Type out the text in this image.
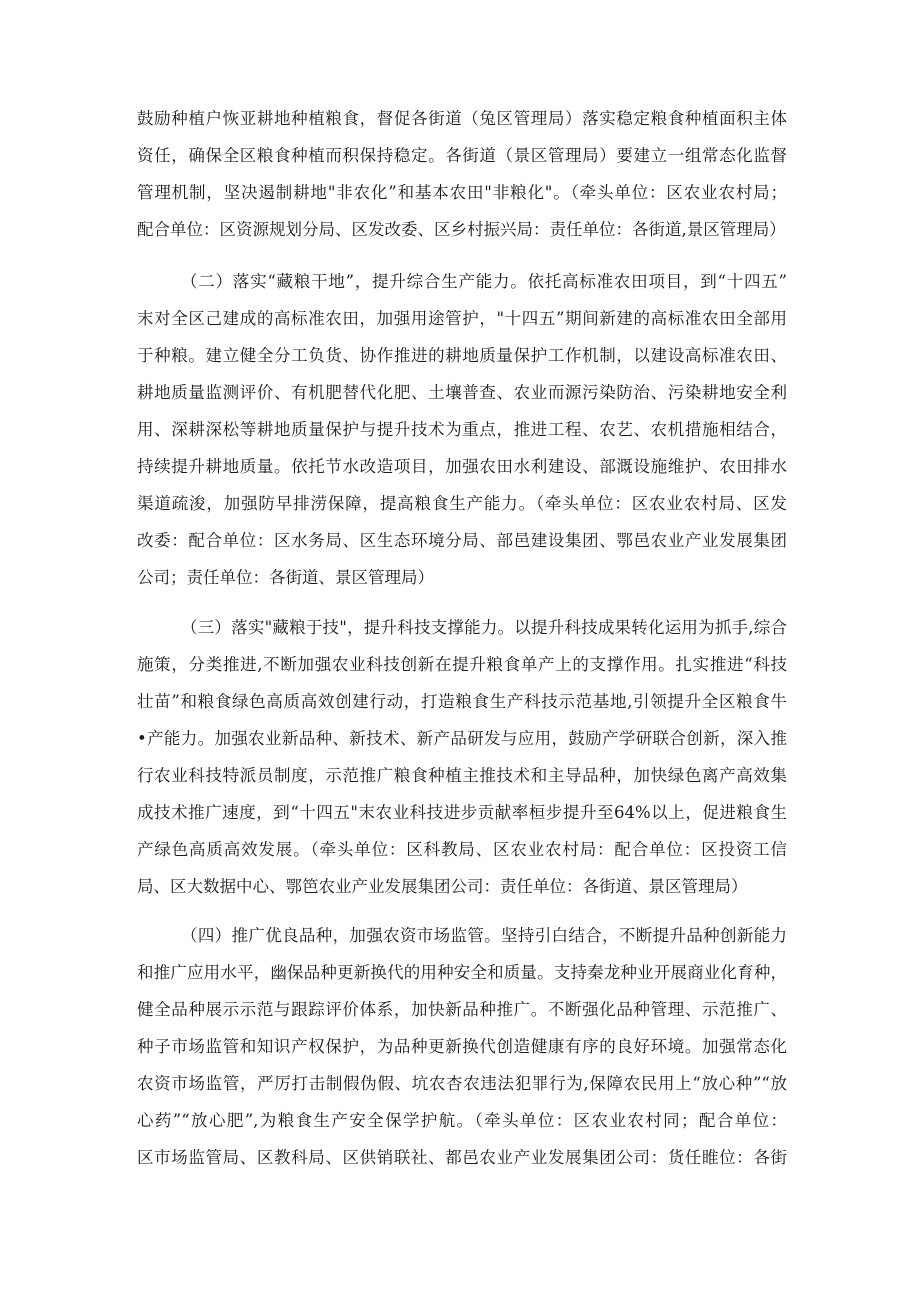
鼓励种植户恢亚耕地种植粮食，督促各街道（兔区管理局）落实稳定粮食种植面积主体
资任，确保全区粮食种植而积保持稳定。各街道（景区管理局）要建立一组常态化监督
管理机制，坚决遏制耕地"非农化”和基本农田"非粮化"。（牵头单位：区农业农村局；
配合单位：区资源规划分局、区发改委、区乡村振兴局：责任单位：各街道,景区管理局）
（二）落实“藏粮干地”，提升综合生产能力。依托高标准农田项目，到“十四五”
末对全区己建成的高标准农田，加强用途管护，"十四五”期间新建的高标准农田全部用
于种粮。建立健全分工负货、协作推进的耕地质量保护工作机制，以建设高标准农田、
耕地质量监测评价、有机肥替代化肥、土壤普查、农业而源污染防治、污染耕地安全利
用、深耕深松等耕地质量保护与提升技术为重点，推进工程、农艺、农机措施相结合，
持续提升耕地质量。依托节水改造项目，加强农田水利建设、部溉设施维护、农田排水
渠道疏浚，加强防早排涝保障，提高粮食生产能力。（牵头单位：区农业农村局、区发
改委：配合单位：区水务局、区生态环境分局、部邑建设集团、鄂邑农业产业发展集团
公司；责任单位：各街道、景区管理局）
（三）落实"藏粮于技"，提升科技支撑能力。以提升科技成果转化运用为抓手,综合
施策，分类推进,不断加强农业科技创新在提升粮食单产上的支撑作用。扎实推进“科技
壮苗”和粮食绿色高质高效创建行动，打造粮食生产科技示范基地,引领提升全区粮食牛
•产能力。加强农业新品种、新技术、新产品研发与应用，鼓励产学研联合创新，深入推
行农业科技特派员制度，示范推广粮食种植主推技术和主导品种，加快绿色离产高效集
成技术推广速度，到“十四五"末农业科技进步贡献率桓步提升至64%以上，促进粮食生
产绿色高质高效发展。（牵头单位：区科教局、区农业农村局：配合单位：区投资工信
局、区大数据中心、鄂笆农业产业发展集团公司：责任单位：各街道、景区管理局）
（四）推广优良品种，加强农资市场监管。坚持引白结合，不断提升品种创新能力
和推广应用水平，幽保品种更新换代的用种安全和质量。支持秦龙种业开展商业化育种，
健全品种展示示范与跟踪评价体系，加快新品种推广。不断强化品种管理、示范推广、
种子市场监管和知识产权保护，为品种更新换代创造健康有序的良好环境。加强常态化
农资市场监管，严厉打击制假伪假、坑农杏农违法犯罪行为,保障农民用上“放心种”“放
心药”“放心肥”,为粮食生产安全保学护航。（牵头单位：区农业农村同；配合单位：
区市场监管局、区教科局、区供销联社、都邑农业产业发展集团公司：货任睢位：各街
